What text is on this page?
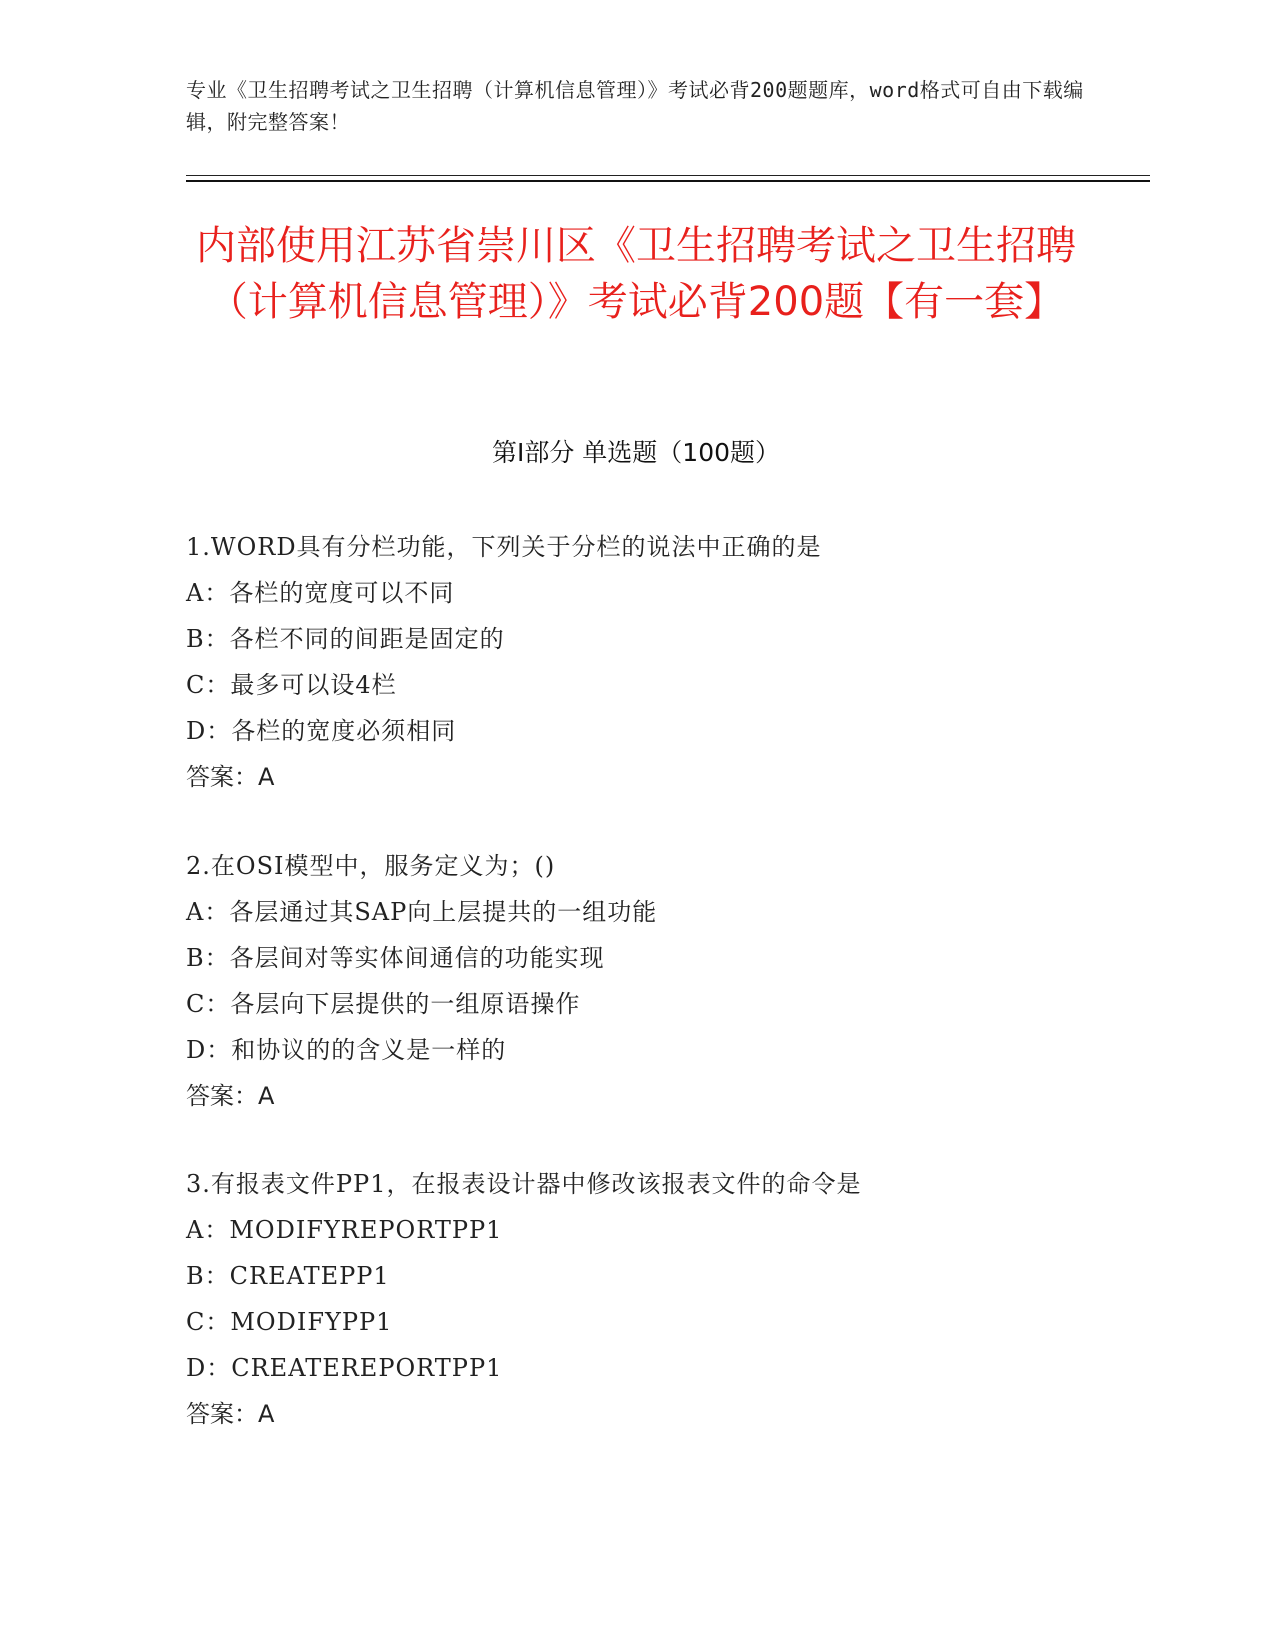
专业《卫生招聘考试之卫生招聘（计算机信息管理）》考试必背200题题库，word格式可自由下载编辑，附完整答案！
内部使用江苏省崇川区《卫生招聘考试之卫生招聘（计算机信息管理）》考试必背200题【有一套】
第Ⅰ部分 单选题（100题）
1.WORD具有分栏功能，下列关于分栏的说法中正确的是
A：各栏的宽度可以不同
B：各栏不同的间距是固定的
C：最多可以设4栏
D：各栏的宽度必须相同
答案：A
2.在OSI模型中，服务定义为；()
A：各层通过其SAP向上层提共的一组功能
B：各层间对等实体间通信的功能实现
C：各层向下层提供的一组原语操作
D：和协议的的含义是一样的
答案：A
3.有报表文件PP1，在报表设计器中修改该报表文件的命令是
A：MODIFYREPORTPP1
B：CREATEPP1
C：MODIFYPP1
D：CREATEREPORTPP1
答案：A
